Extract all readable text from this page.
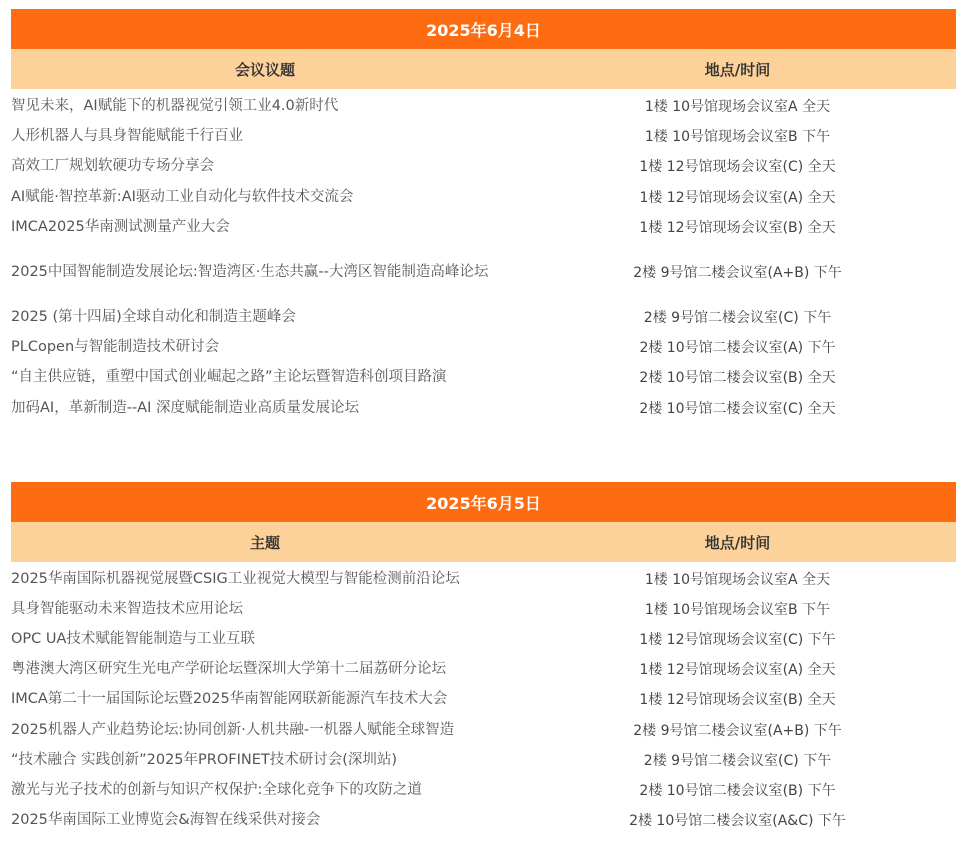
2025年6月4日
会议议题	地点/时间
智见未来，AI赋能下的机器视觉引领工业4.0新时代	1楼 10号馆现场会议室A 全天
人形机器人与具身智能赋能千行百业	1楼 10号馆现场会议室B 下午
高效工厂规划软硬功专场分享会	1楼 12号馆现场会议室(C) 全天
AI赋能·智控革新:AI驱动工业自动化与软件技术交流会	1楼 12号馆现场会议室(A) 全天
IMCA2025华南测试测量产业大会	1楼 12号馆现场会议室(B) 全天
2025中国智能制造发展论坛:智造湾区·生态共赢--大湾区智能制造高峰论坛	2楼 9号馆二楼会议室(A+B) 下午
2025 (第十四届)全球自动化和制造主题峰会	2楼 9号馆二楼会议室(C) 下午
PLCopen与智能制造技术研讨会	2楼 10号馆二楼会议室(A) 下午
“自主供应链，重塑中国式创业崛起之路”主论坛暨智造科创项目路演	2楼 10号馆二楼会议室(B) 全天
加码AI，革新制造--AI 深度赋能制造业高质量发展论坛	2楼 10号馆二楼会议室(C) 全天
2025年6月5日
主题	地点/时间
2025华南国际机器视觉展暨CSIG工业视觉大模型与智能检测前沿论坛	1楼 10号馆现场会议室A 全天
具身智能驱动未来智造技术应用论坛	1楼 10号馆现场会议室B 下午
OPC UA技术赋能智能制造与工业互联	1楼 12号馆现场会议室(C) 下午
粤港澳大湾区研究生光电产学研论坛暨深圳大学第十二届荔研分论坛	1楼 12号馆现场会议室(A) 全天
IMCA第二十一届国际论坛暨2025华南智能网联新能源汽车技术大会	1楼 12号馆现场会议室(B) 全天
2025机器人产业趋势论坛:协同创新·人机共融-一机器人赋能全球智造	2楼 9号馆二楼会议室(A+B) 下午
“技术融合 实践创新”2025年PROFINET技术研讨会(深圳站)	2楼 9号馆二楼会议室(C) 下午
激光与光子技术的创新与知识产权保护:全球化竞争下的攻防之道	2楼 10号馆二楼会议室(B) 下午
2025华南国际工业博览会&海智在线采供对接会	2楼 10号馆二楼会议室(A&C) 下午
